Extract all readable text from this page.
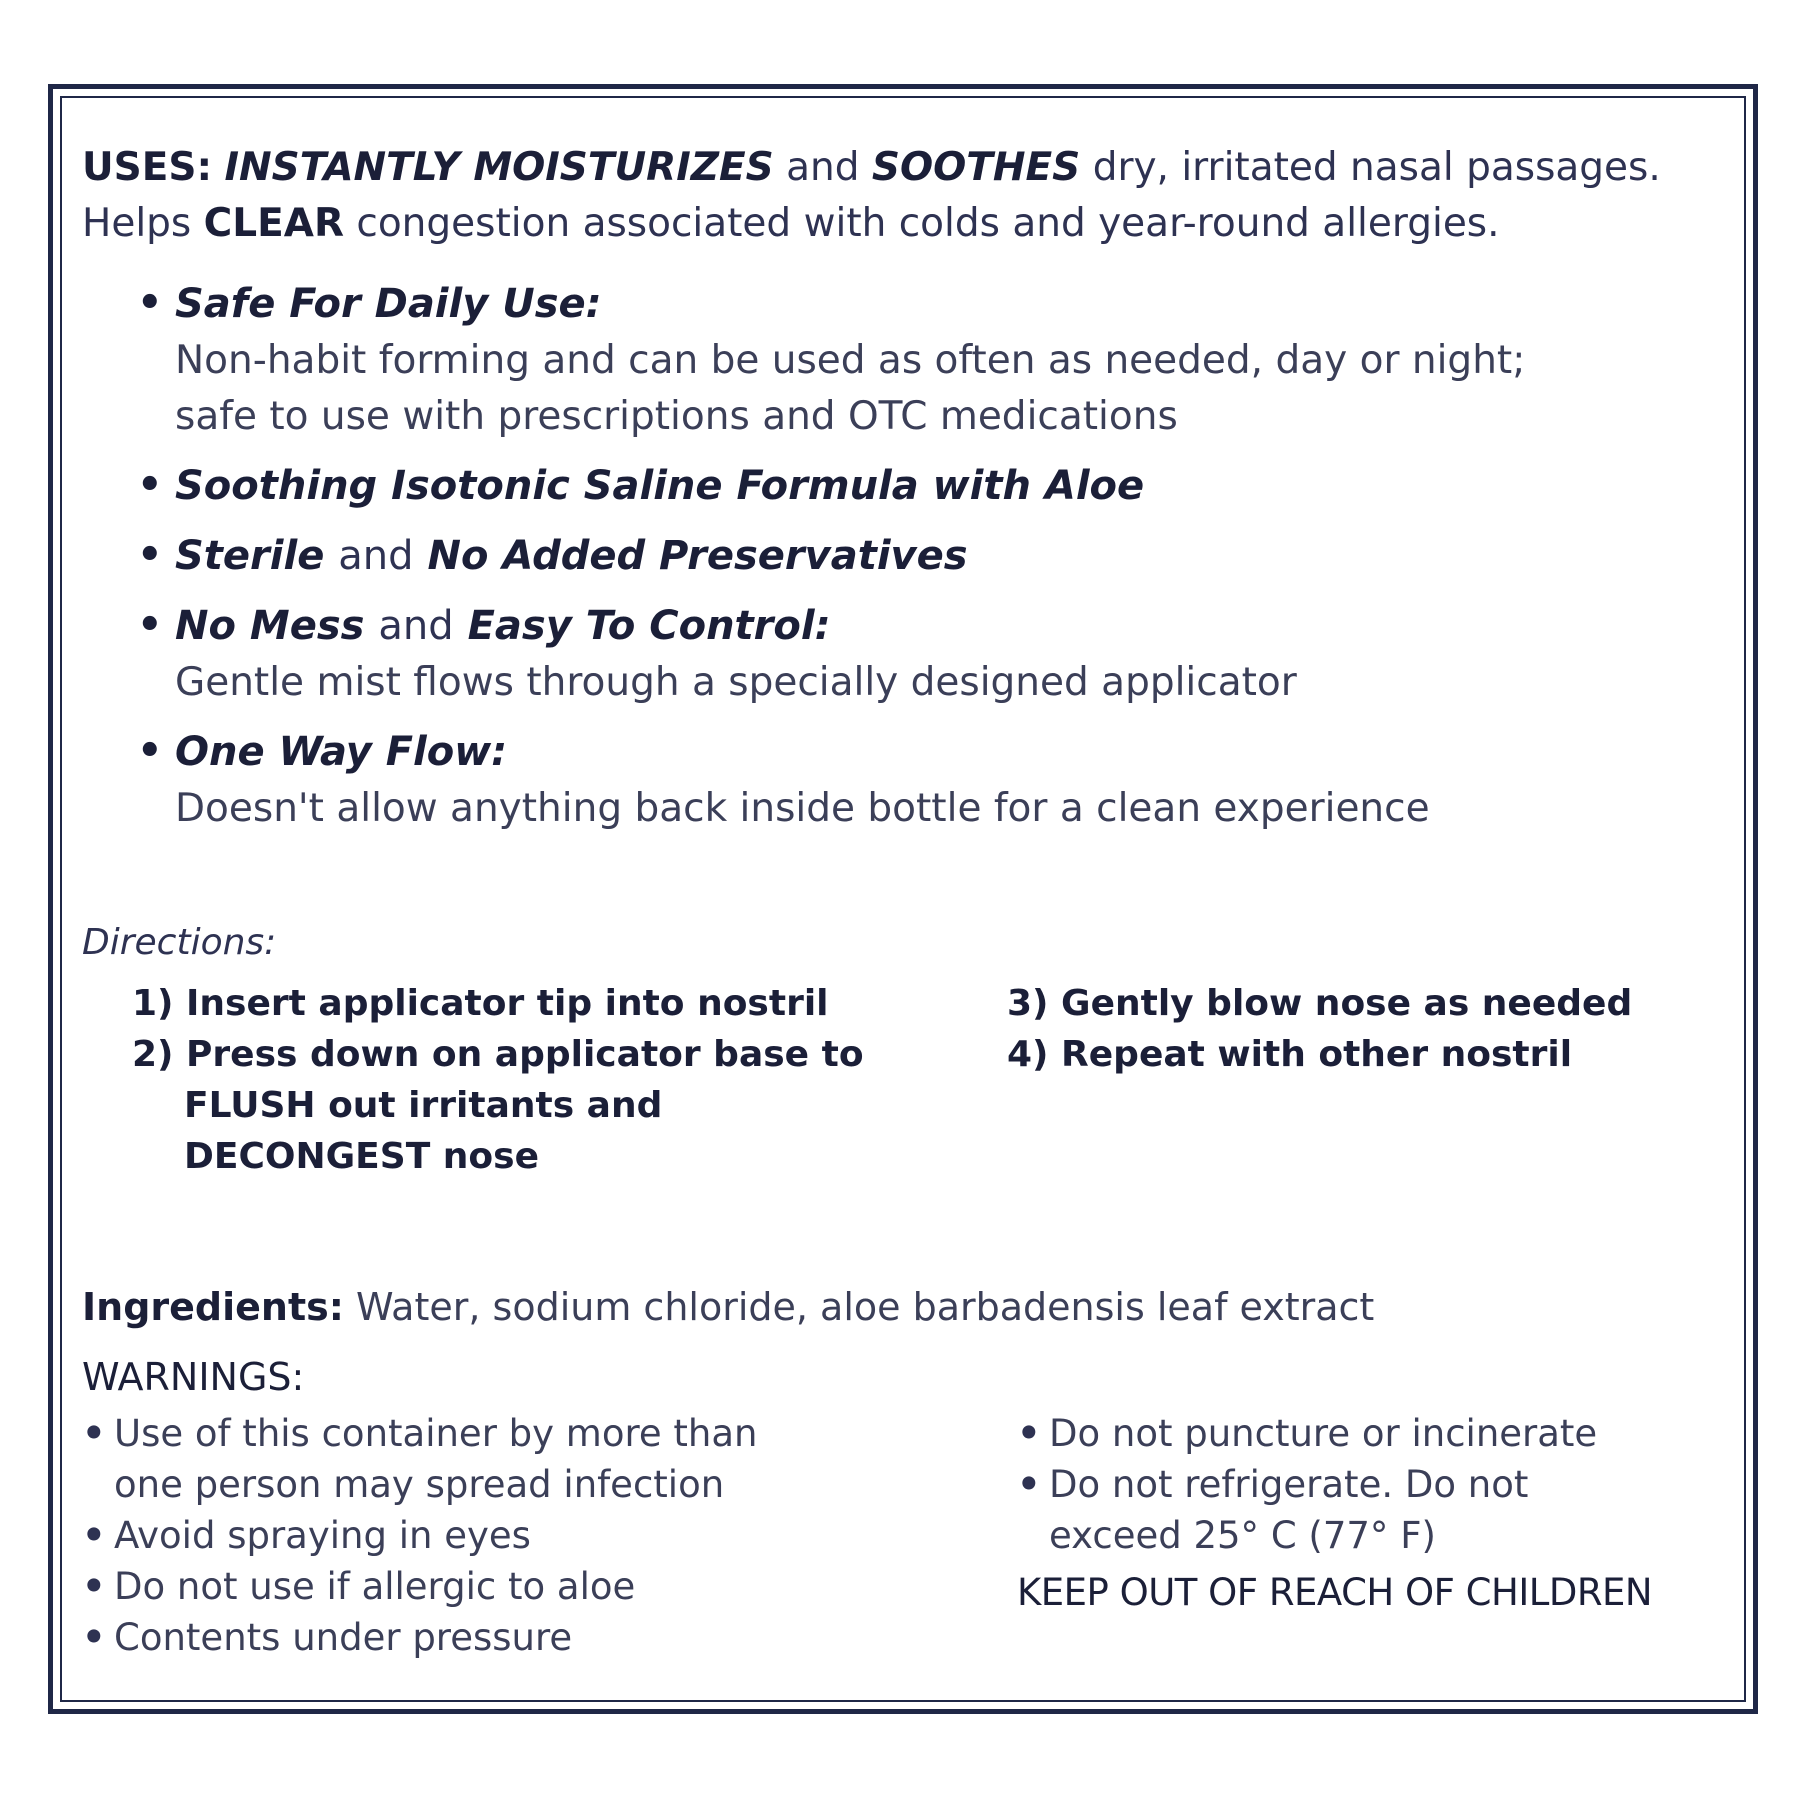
USES: INSTANTLY MOISTURIZES and SOOTHES dry, irritated nasal passages.
Helps CLEAR congestion associated with colds and year-round allergies.
• Safe For Daily Use:
Non-habit forming and can be used as often as needed, day or night;
safe to use with prescriptions and OTC medications
• Soothing Isotonic Saline Formula with Aloe
• Sterile and No Added Preservatives
• No Mess and Easy To Control:
Gentle mist flows through a specially designed applicator
• One Way Flow:
Doesn't allow anything back inside bottle for a clean experience
Directions:
1) Insert applicator tip into nostril
2) Press down on applicator base to
FLUSH out irritants and
DECONGEST nose
3) Gently blow nose as needed
4) Repeat with other nostril
Ingredients: Water, sodium chloride, aloe barbadensis leaf extract
WARNINGS:
• Use of this container by more than
one person may spread infection
• Avoid spraying in eyes
• Do not use if allergic to aloe
• Contents under pressure
• Do not puncture or incinerate
• Do not refrigerate. Do not
exceed 25° C (77° F)
KEEP OUT OF REACH OF CHILDREN
